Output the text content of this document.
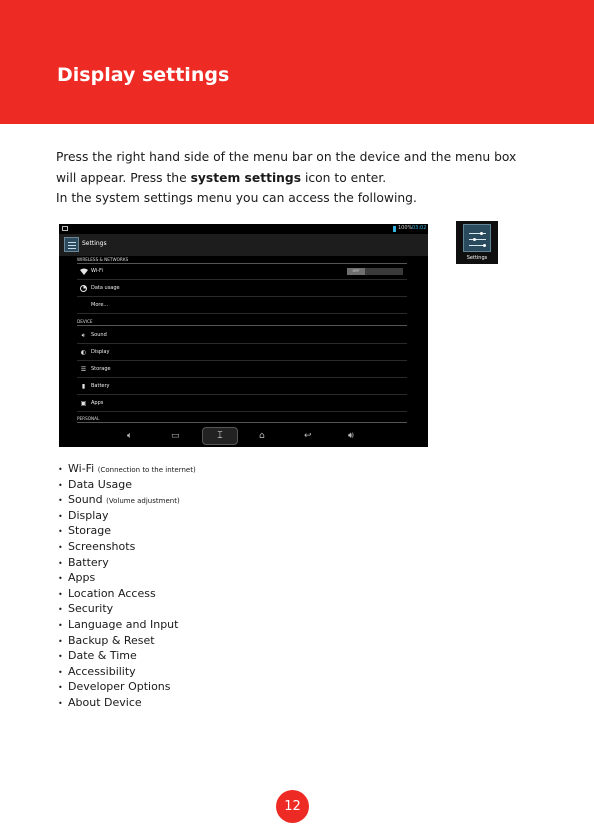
Display settings

Press the right hand side of the menu bar on the device and the menu box

will appear. Press the system settings icon to enter.

In the system settings menu you can access the following.

100% 03:02
Settings
WIRELESS & NETWORKS
Wi-Fi	OFF
Data usage
More...
DEVICE
🔉︎	Sound
◐ Display
☰ Storage
▮	Battery
▣ Apps
PERSONAL
🔈︎	▭	⌶	⌂	↩	🔊︎
Settings
• Wi-Fi (Connection to the internet)
• Data Usage
• Sound (Volume adjustment)
• Display
• Storage
• Screenshots
• Battery
• Apps
• Location Access
• Security
• Language and Input
• Backup & Reset
• Date & Time
• Accessibility
• Developer Options
• About Device
12
